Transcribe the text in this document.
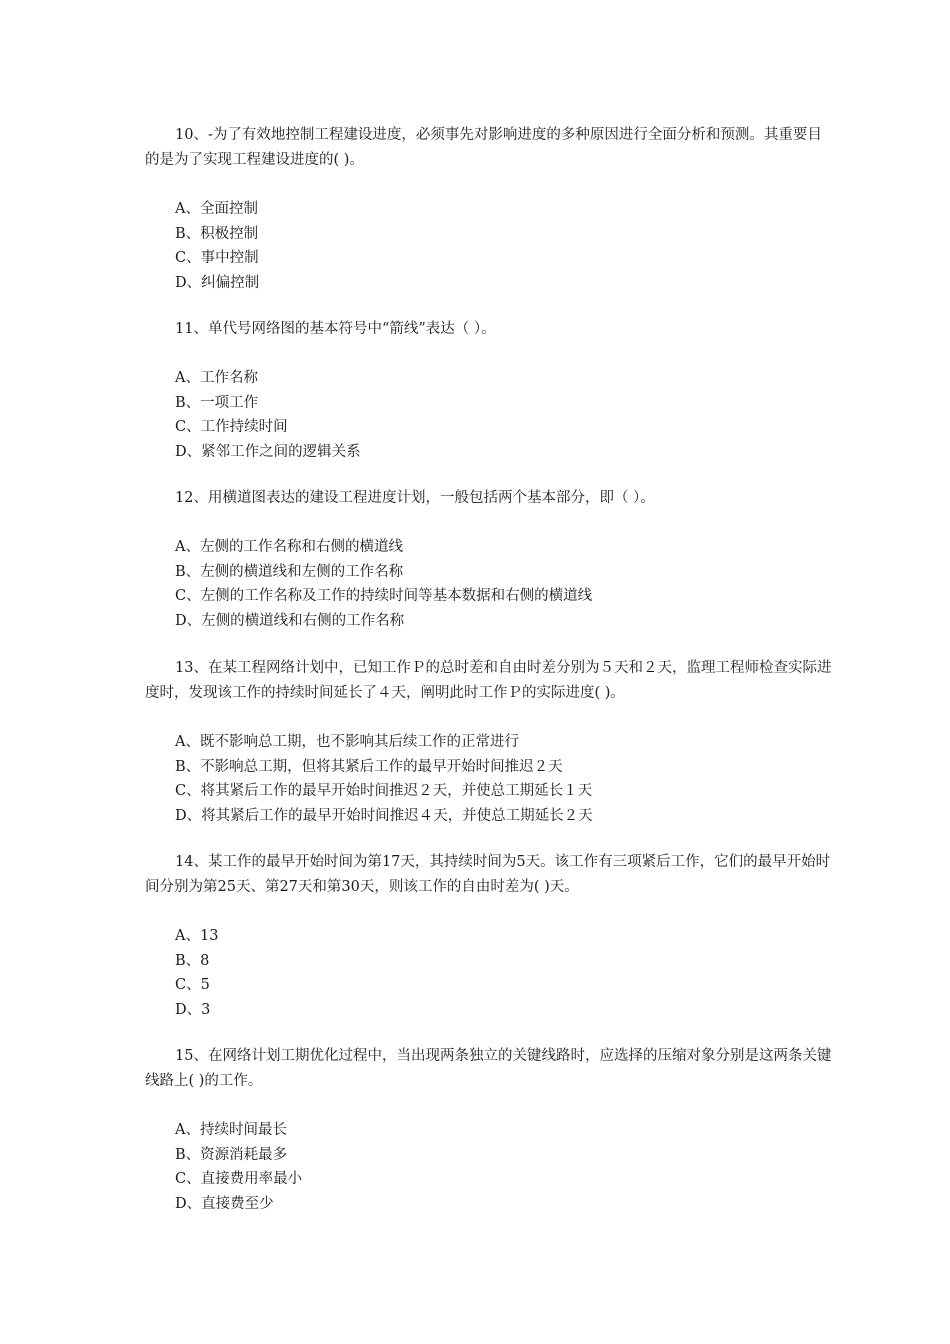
10、-为了有效地控制工程建设进度，必须事先对影响进度的多种原因进行全面分析和预测。其重要目的是为了实现工程建设进度的( )。

A、全面控制
B、积极控制
C、事中控制
D、纠偏控制

11、单代号网络图的基本符号中“箭线”表达（ ）。

A、工作名称
B、一项工作
C、工作持续时间
D、紧邻工作之间的逻辑关系

12、用横道图表达的建设工程进度计划，一般包括两个基本部分，即（ ）。

A、左侧的工作名称和右侧的横道线
B、左侧的横道线和左侧的工作名称
C、左侧的工作名称及工作的持续时间等基本数据和右侧的横道线
D、左侧的横道线和右侧的工作名称

13、在某工程网络计划中，已知工作Ｐ的总时差和自由时差分别为５天和２天，监理工程师检查实际进度时，发现该工作的持续时间延长了４天，阐明此时工作Ｐ的实际进度( )。

A、既不影响总工期，也不影响其后续工作的正常进行
B、不影响总工期，但将其紧后工作的最早开始时间推迟２天
C、将其紧后工作的最早开始时间推迟２天，并使总工期延长１天
D、将其紧后工作的最早开始时间推迟４天，并使总工期延长２天

14、某工作的最早开始时间为第17天，其持续时间为5天。该工作有三项紧后工作，它们的最早开始时间分别为第25天、第27天和第30天，则该工作的自由时差为( )天。

A、13
B、8
C、5
D、3

15、在网络计划工期优化过程中，当出现两条独立的关键线路时，应选择的压缩对象分别是这两条关键线路上( )的工作。

A、持续时间最长
B、资源消耗最多
C、直接费用率最小
D、直接费至少
